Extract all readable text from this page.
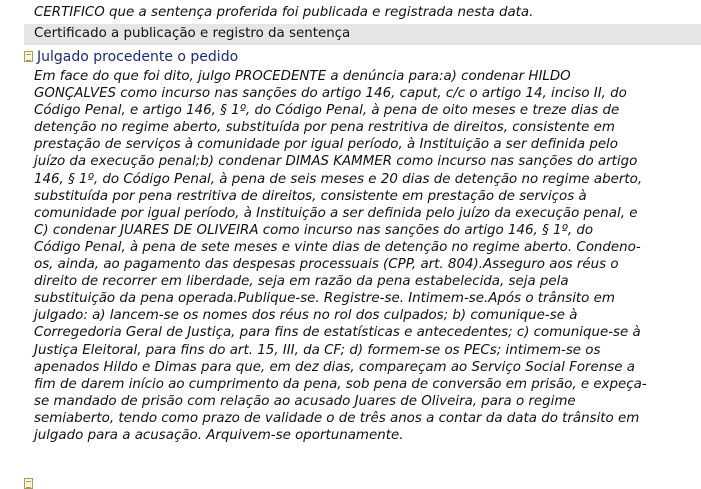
CERTIFICO que a sentença proferida foi publicada e registrada nesta data.
Certificado a publicação e registro da sentença
Julgado procedente o pedido
Em face do que foi dito, julgo PROCEDENTE a denúncia para:a) condenar HILDO
GONÇALVES como incurso nas sanções do artigo 146, caput, c/c o artigo 14, inciso II, do
Código Penal, e artigo 146, § 1º, do Código Penal, à pena de oito meses e treze dias de
detenção no regime aberto, substituída por pena restritiva de direitos, consistente em
prestação de serviços à comunidade por igual período, à Instituição a ser definida pelo
juízo da execução penal;b) condenar DIMAS KAMMER como incurso nas sanções do artigo
146, § 1º, do Código Penal, à pena de seis meses e 20 dias de detenção no regime aberto,
substituída por pena restritiva de direitos, consistente em prestação de serviços à
comunidade por igual período, à Instituição a ser definida pelo juízo da execução penal, e
C) condenar JUARES DE OLIVEIRA como incurso nas sanções do artigo 146, § 1º, do
Código Penal, à pena de sete meses e vinte dias de detenção no regime aberto. Condeno-
os, ainda, ao pagamento das despesas processuais (CPP, art. 804).Asseguro aos réus o
direito de recorrer em liberdade, seja em razão da pena estabelecida, seja pela
substituição da pena operada.Publique-se. Registre-se. Intimem-se.Após o trânsito em
julgado: a) lancem-se os nomes dos réus no rol dos culpados; b) comunique-se à
Corregedoria Geral de Justiça, para fins de estatísticas e antecedentes; c) comunique-se à
Justiça Eleitoral, para fins do art. 15, III, da CF; d) formem-se os PECs; intimem-se os
apenados Hildo e Dimas para que, em dez dias, compareçam ao Serviço Social Forense a
fim de darem início ao cumprimento da pena, sob pena de conversão em prisão, e expeça-
se mandado de prisão com relação ao acusado Juares de Oliveira, para o regime
semiaberto, tendo como prazo de validade o de três anos a contar da data do trânsito em
julgado para a acusação. Arquivem-se oportunamente.
